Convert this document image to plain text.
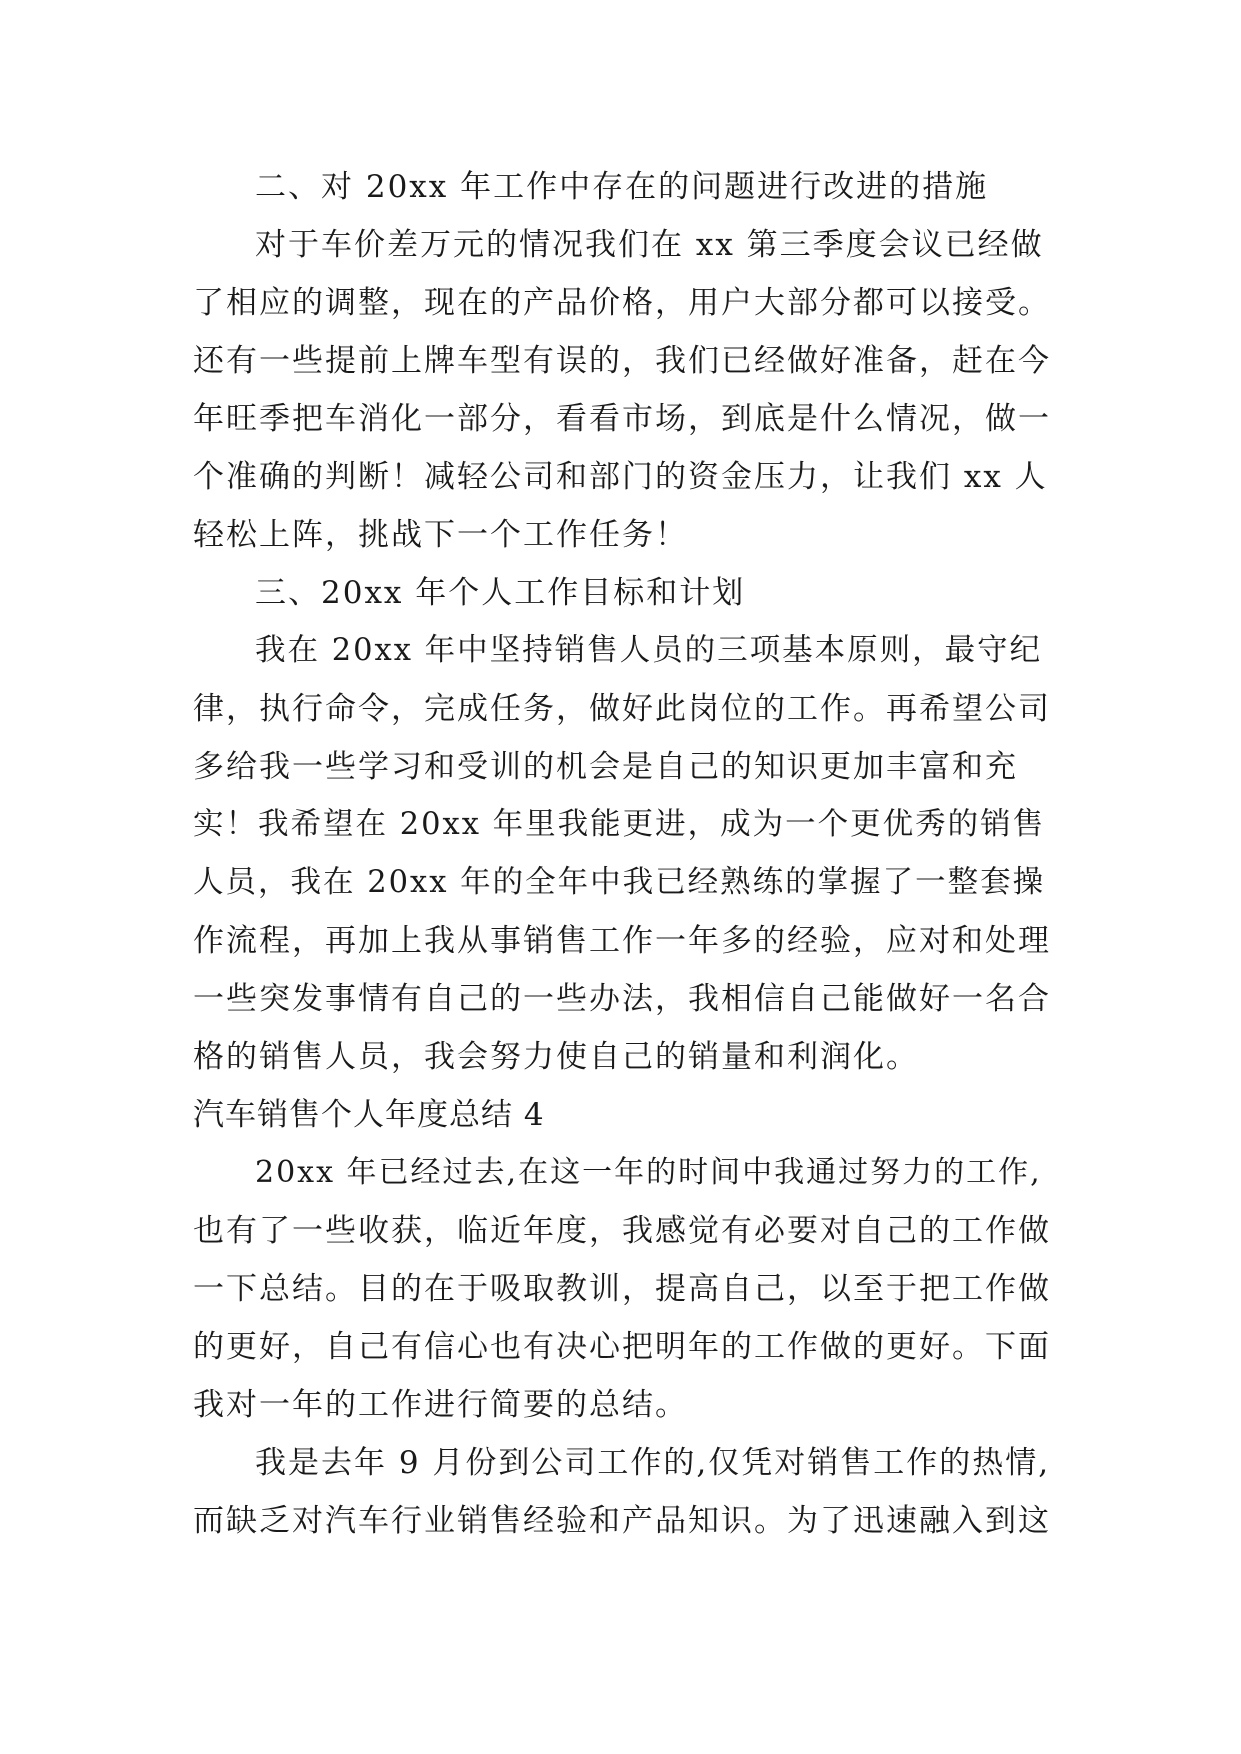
二、对 20xx 年工作中存在的问题进行改进的措施
对于车价差万元的情况我们在 xx 第三季度会议已经做
了相应的调整，现在的产品价格，用户大部分都可以接受。
还有一些提前上牌车型有误的，我们已经做好准备，赶在今
年旺季把车消化一部分，看看市场，到底是什么情况，做一
个准确的判断！减轻公司和部门的资金压力，让我们 xx 人
轻松上阵，挑战下一个工作任务！
三、20xx 年个人工作目标和计划
我在 20xx 年中坚持销售人员的三项基本原则，最守纪
律，执行命令，完成任务，做好此岗位的工作。再希望公司
多给我一些学习和受训的机会是自己的知识更加丰富和充
实！我希望在 20xx 年里我能更进，成为一个更优秀的销售
人员，我在 20xx 年的全年中我已经熟练的掌握了一整套操
作流程，再加上我从事销售工作一年多的经验，应对和处理
一些突发事情有自己的一些办法，我相信自己能做好一名合
格的销售人员，我会努力使自己的销量和利润化。
汽车销售个人年度总结 4
20xx 年已经过去,在这一年的时间中我通过努力的工作,
也有了一些收获，临近年度，我感觉有必要对自己的工作做
一下总结。目的在于吸取教训，提高自己，以至于把工作做
的更好，自己有信心也有决心把明年的工作做的更好。下面
我对一年的工作进行简要的总结。
我是去年 9 月份到公司工作的,仅凭对销售工作的热情,
而缺乏对汽车行业销售经验和产品知识。为了迅速融入到这
